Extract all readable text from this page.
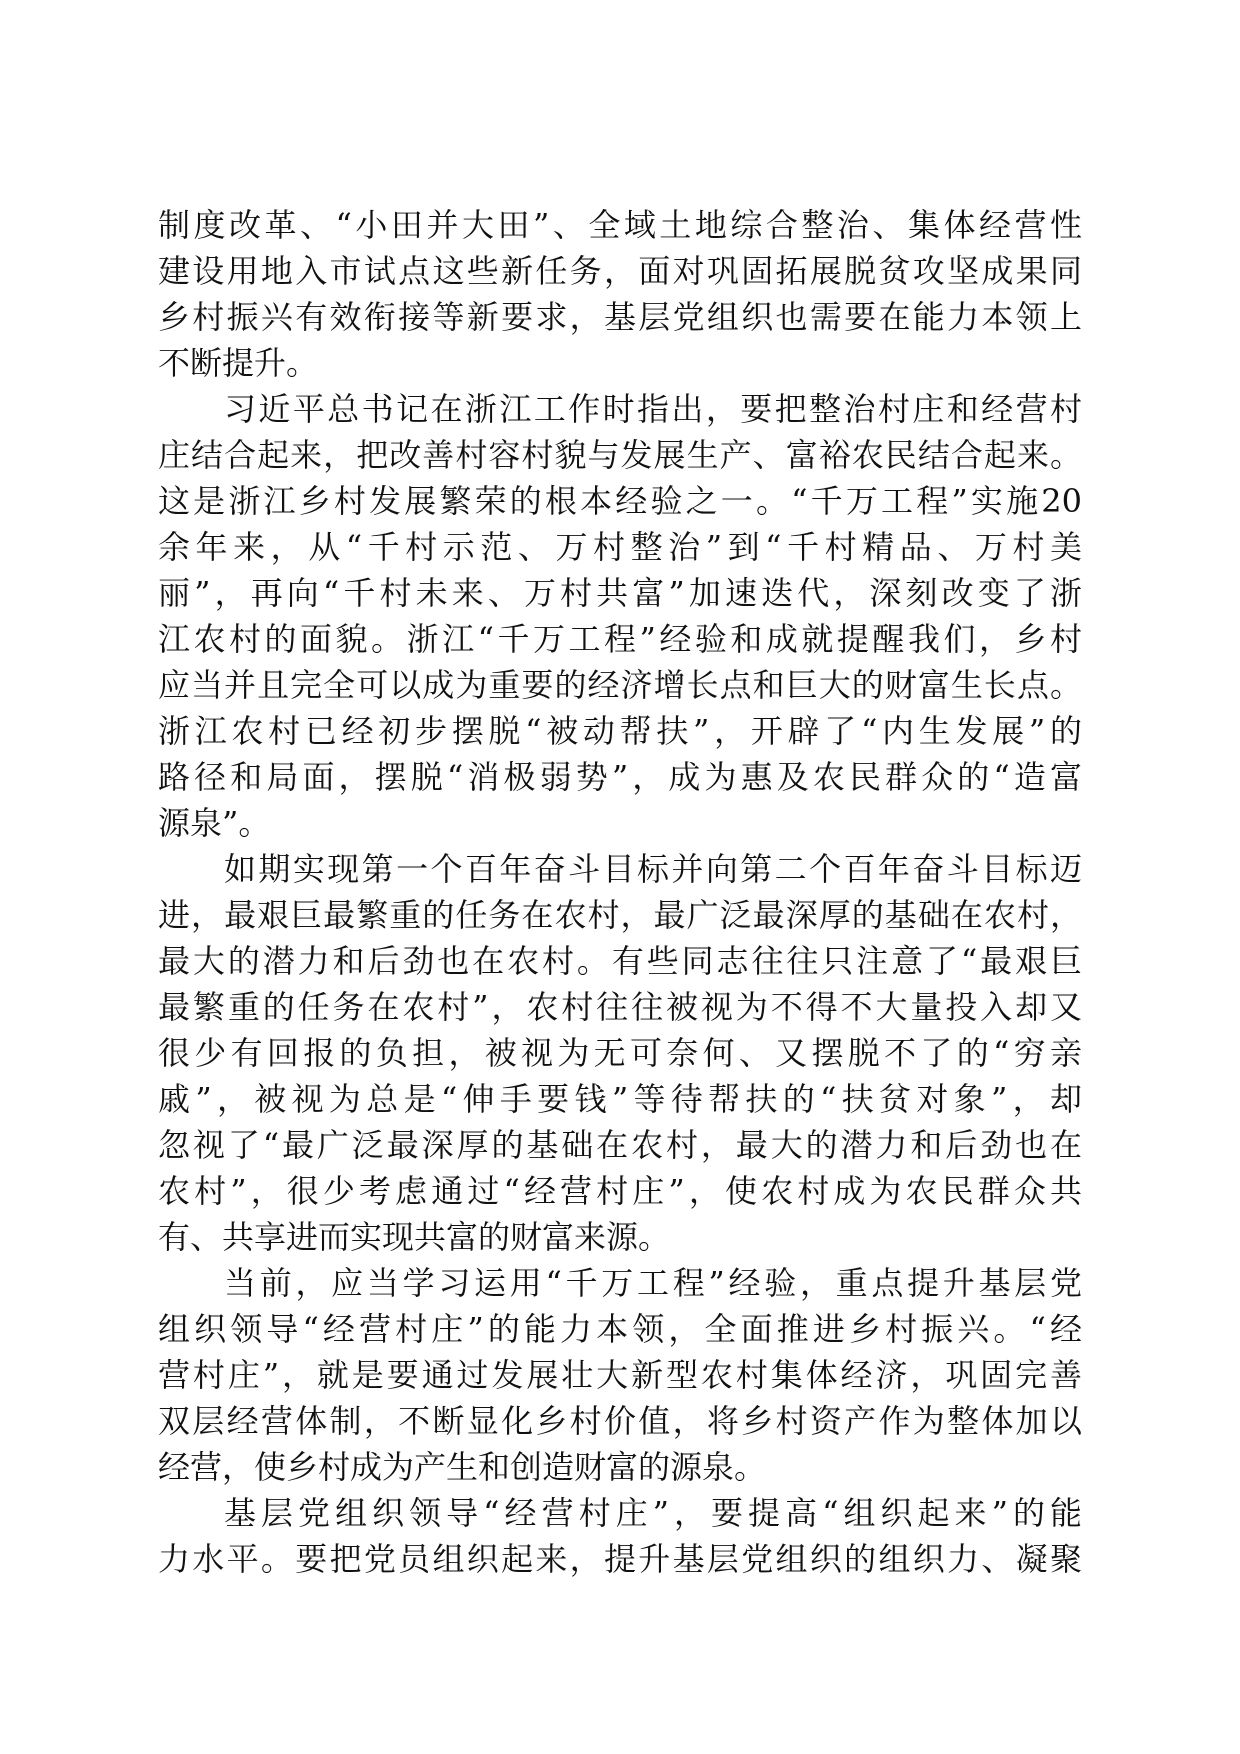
制度改革、“小田并大田”、全域土地综合整治、集体经营性
建设用地入市试点这些新任务，面对巩固拓展脱贫攻坚成果同
乡村振兴有效衔接等新要求，基层党组织也需要在能力本领上
不断提升。
习近平总书记在浙江工作时指出，要把整治村庄和经营村
庄结合起来，把改善村容村貌与发展生产、富裕农民结合起来。
这是浙江乡村发展繁荣的根本经验之一。“千万工程”实施20
余年来，从“千村示范、万村整治”到“千村精品、万村美
丽”，再向“千村未来、万村共富”加速迭代，深刻改变了浙
江农村的面貌。浙江“千万工程”经验和成就提醒我们，乡村
应当并且完全可以成为重要的经济增长点和巨大的财富生长点。
浙江农村已经初步摆脱“被动帮扶”，开辟了“内生发展”的
路径和局面，摆脱“消极弱势”，成为惠及农民群众的“造富
源泉”。
如期实现第一个百年奋斗目标并向第二个百年奋斗目标迈
进，最艰巨最繁重的任务在农村，最广泛最深厚的基础在农村，
最大的潜力和后劲也在农村。有些同志往往只注意了“最艰巨
最繁重的任务在农村”，农村往往被视为不得不大量投入却又
很少有回报的负担，被视为无可奈何、又摆脱不了的“穷亲
戚”，被视为总是“伸手要钱”等待帮扶的“扶贫对象”，却
忽视了“最广泛最深厚的基础在农村，最大的潜力和后劲也在
农村”，很少考虑通过“经营村庄”，使农村成为农民群众共
有、共享进而实现共富的财富来源。
当前，应当学习运用“千万工程”经验，重点提升基层党
组织领导“经营村庄”的能力本领，全面推进乡村振兴。“经
营村庄”，就是要通过发展壮大新型农村集体经济，巩固完善
双层经营体制，不断显化乡村价值，将乡村资产作为整体加以
经营，使乡村成为产生和创造财富的源泉。
基层党组织领导“经营村庄”，要提高“组织起来”的能
力水平。要把党员组织起来，提升基层党组织的组织力、凝聚
